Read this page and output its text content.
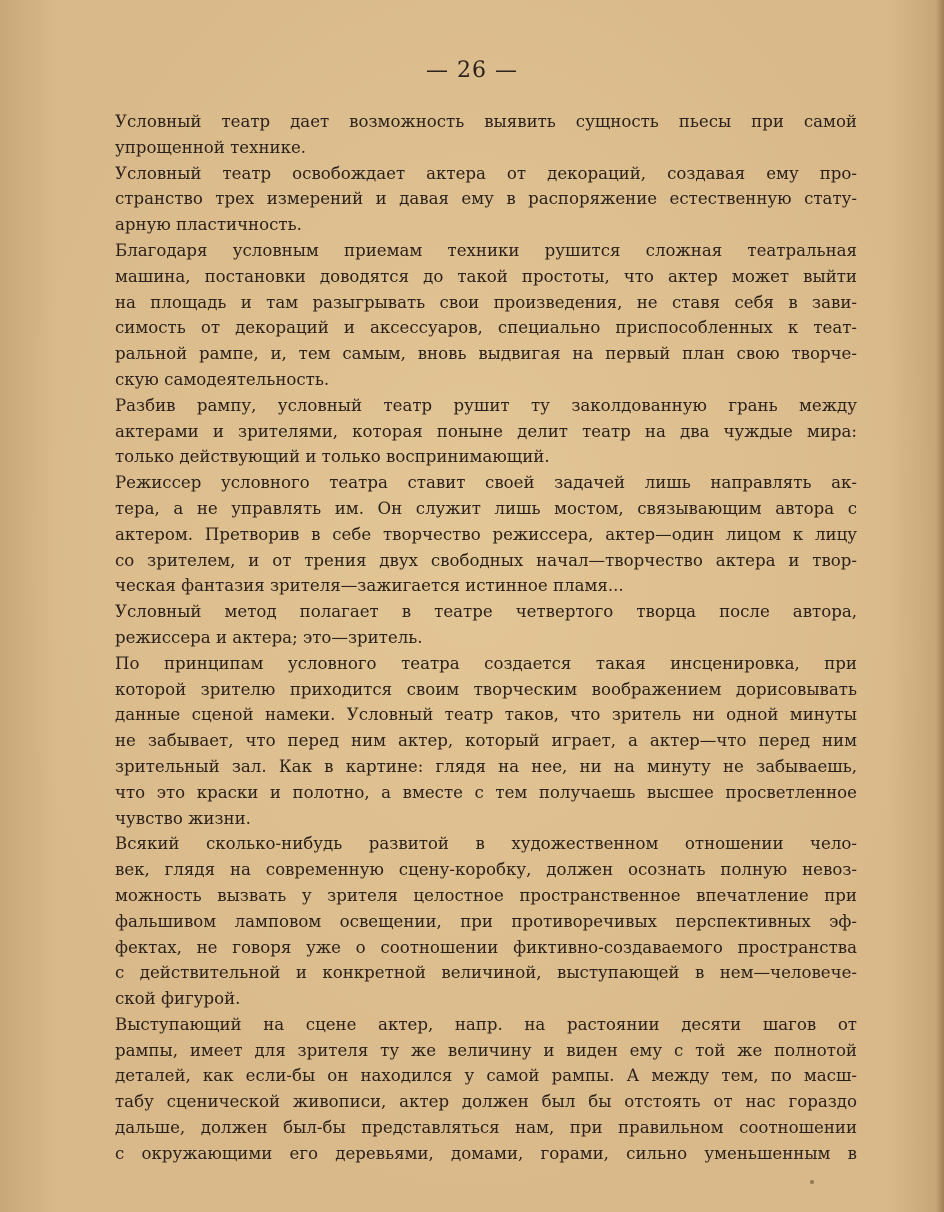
— 26 —
Условный театр дает возможность выявить сущность пьесы при самой
упрощенной технике.
Условный театр освобождает актера от декораций, создавая ему про-
странство трех измерений и давая ему в распоряжение естественную стату-
арную пластичность.
Благодаря условным приемам техники рушится сложная театральная
машина, постановки доводятся до такой простоты, что актер может выйти
на площадь и там разыгрывать свои произведения, не ставя себя в зави-
симость от декораций и аксессуаров, специально приспособленных к теат-
ральной рампе, и, тем самым, вновь выдвигая на первый план свою творче-
скую самодеятельность.
Разбив рампу, условный театр рушит ту заколдованную грань между
актерами и зрителями, которая поныне делит театр на два чуждые мира:
только действующий и только воспринимающий.
Режиссер условного театра ставит своей задачей лишь направлять ак-
тера, а не управлять им. Он служит лишь мостом, связывающим автора с
актером. Претворив в себе творчество режиссера, актер—один лицом к лицу
со зрителем, и от трения двух свободных начал—творчество актера и твор-
ческая фантазия зрителя—зажигается истинное пламя...
Условный метод полагает в театре четвертого творца после автора,
режиссера и актера; это—зритель.
По принципам условного театра создается такая инсценировка, при
которой зрителю приходится своим творческим воображением дорисовывать
данные сценой намеки. Условный театр таков, что зритель ни одной минуты
не забывает, что перед ним актер, который играет, а актер—что перед ним
зрительный зал. Как в картине: глядя на нее, ни на минуту не забываешь,
что это краски и полотно, а вместе с тем получаешь высшее просветленное
чувство жизни.
Всякий сколько-нибудь развитой в художественном отношении чело-
век, глядя на современную сцену-коробку, должен осознать полную невоз-
можность вызвать у зрителя целостное пространственное впечатление при
фальшивом ламповом освещении, при противоречивых перспективных эф-
фектах, не говоря уже о соотношении фиктивно-создаваемого пространства
с действительной и конкретной величиной, выступающей в нем—человече-
ской фигурой.
Выступающий на сцене актер, напр. на растоянии десяти шагов от
рампы, имеет для зрителя ту же величину и виден ему с той же полнотой
деталей, как если-бы он находился у самой рампы. А между тем, по масш-
табу сценической живописи, актер должен был бы отстоять от нас гораздо
дальше, должен был-бы представляться нам, при правильном соотношении
с окружающими его деревьями, домами, горами, сильно уменьшенным в
